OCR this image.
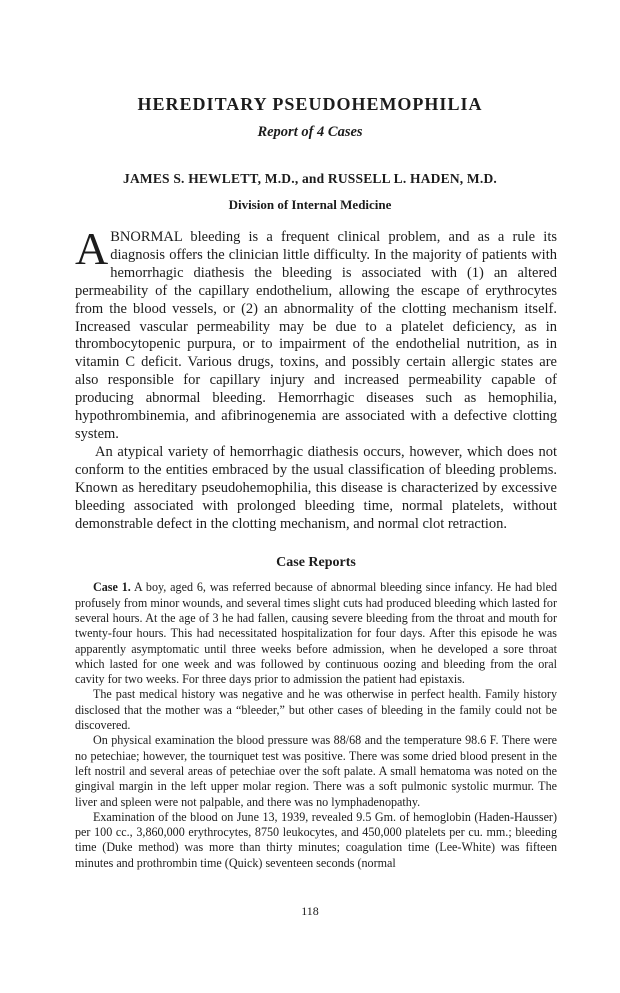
HEREDITARY PSEUDOHEMOPHILIA
Report of 4 Cases

JAMES S. HEWLETT, M.D., and RUSSELL L. HADEN, M.D.

Division of Internal Medicine

ABNORMAL bleeding is a frequent clinical problem, and as a rule its diagnosis offers the clinician little difficulty. In the majority of patients with hemorrhagic diathesis the bleeding is associated with (1) an altered permeability of the capillary endothelium, allowing the escape of erythrocytes from the blood vessels, or (2) an abnormality of the clotting mechanism itself. Increased vascular permeability may be due to a platelet deficiency, as in thrombocytopenic purpura, or to impairment of the endothelial nutrition, as in vitamin C deficit. Various drugs, toxins, and possibly certain allergic states are also responsible for capillary injury and increased permeability capable of producing abnormal bleeding. Hemorrhagic diseases such as hemophilia, hypothrombinemia, and afibrinogenemia are associated with a defective clotting system.

An atypical variety of hemorrhagic diathesis occurs, however, which does not conform to the entities embraced by the usual classification of bleeding problems. Known as hereditary pseudohemophilia, this disease is characterized by excessive bleeding associated with prolonged bleeding time, normal platelets, without demonstrable defect in the clotting mechanism, and normal clot retraction.

Case Reports

Case 1. A boy, aged 6, was referred because of abnormal bleeding since infancy. He had bled profusely from minor wounds, and several times slight cuts had produced bleeding which lasted for several hours. At the age of 3 he had fallen, causing severe bleeding from the throat and mouth for twenty-four hours. This had necessitated hospitalization for four days. After this episode he was apparently asymptomatic until three weeks before admission, when he developed a sore throat which lasted for one week and was followed by continuous oozing and bleeding from the oral cavity for two weeks. For three days prior to admission the patient had epistaxis.

The past medical history was negative and he was otherwise in perfect health. Family history disclosed that the mother was a “bleeder,” but other cases of bleeding in the family could not be discovered.

On physical examination the blood pressure was 88/68 and the temperature 98.6 F. There were no petechiae; however, the tourniquet test was positive. There was some dried blood present in the left nostril and several areas of petechiae over the soft palate. A small hematoma was noted on the gingival margin in the left upper molar region. There was a soft pulmonic systolic murmur. The liver and spleen were not palpable, and there was no lymphadenopathy.

Examination of the blood on June 13, 1939, revealed 9.5 Gm. of hemoglobin (Haden-Hausser) per 100 cc., 3,860,000 erythrocytes, 8750 leukocytes, and 450,000 platelets per cu. mm.; bleeding time (Duke method) was more than thirty minutes; coagulation time (Lee-White) was fifteen minutes and prothrombin time (Quick) seventeen seconds (normal

118
